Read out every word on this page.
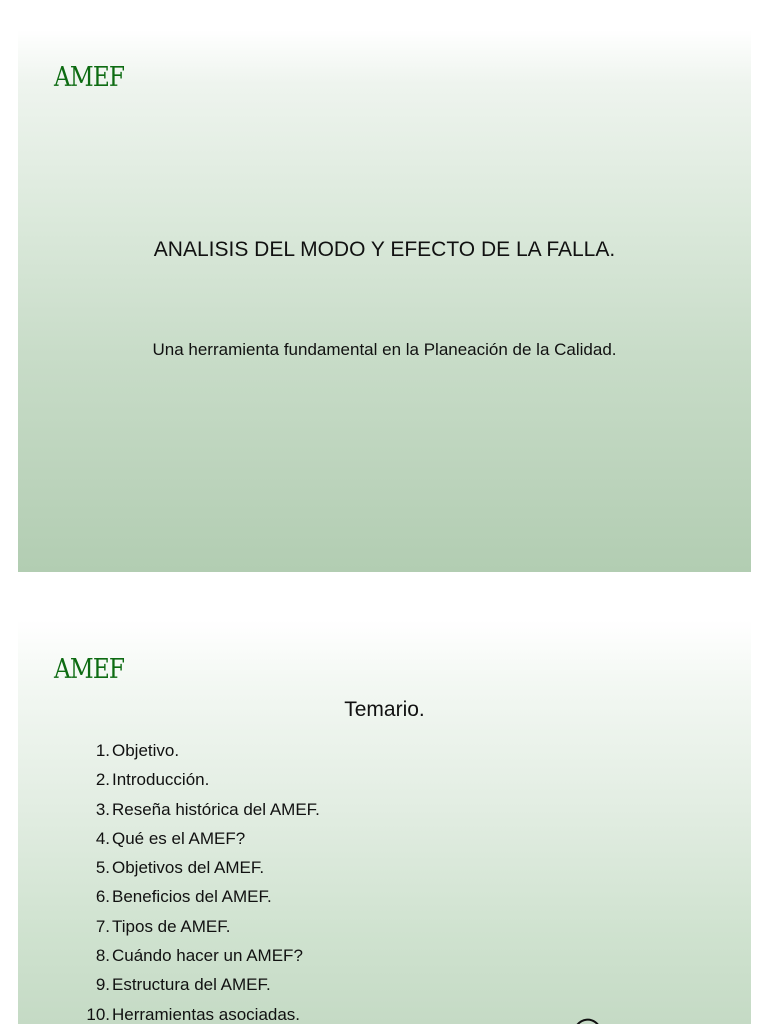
AMEF
ANALISIS DEL MODO Y EFECTO DE LA FALLA.
Una herramienta fundamental en la Planeación de la Calidad.
AMEF
Temario.
1. Objetivo.
2. Introducción.
3. Reseña histórica del AMEF.
4. Qué es el AMEF?
5. Objetivos del AMEF.
6. Beneficios del AMEF.
7. Tipos de AMEF.
8. Cuándo hacer un AMEF?
9. Estructura del AMEF.
10. Herramientas asociadas.
